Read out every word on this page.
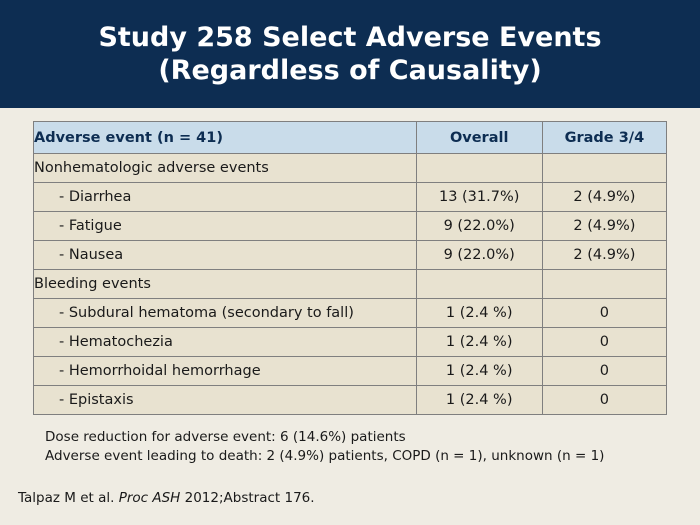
Study 258 Select Adverse Events
(Regardless of Causality)
Adverse event (n = 41)	Overall	Grade 3/4
Nonhematologic adverse events		
- Diarrhea	13 (31.7%)	2 (4.9%)
- Fatigue	9 (22.0%)	2 (4.9%)
- Nausea	9 (22.0%)	2 (4.9%)
Bleeding events		
- Subdural hematoma (secondary to fall)	1 (2.4 %)	0
- Hematochezia	1 (2.4 %)	0
- Hemorrhoidal hemorrhage	1 (2.4 %)	0
- Epistaxis	1 (2.4 %)	0
Dose reduction for adverse event: 6 (14.6%) patients
Adverse event leading to death: 2 (4.9%) patients, COPD (n = 1), unknown (n = 1)
Talpaz M et al. Proc ASH 2012;Abstract 176.
